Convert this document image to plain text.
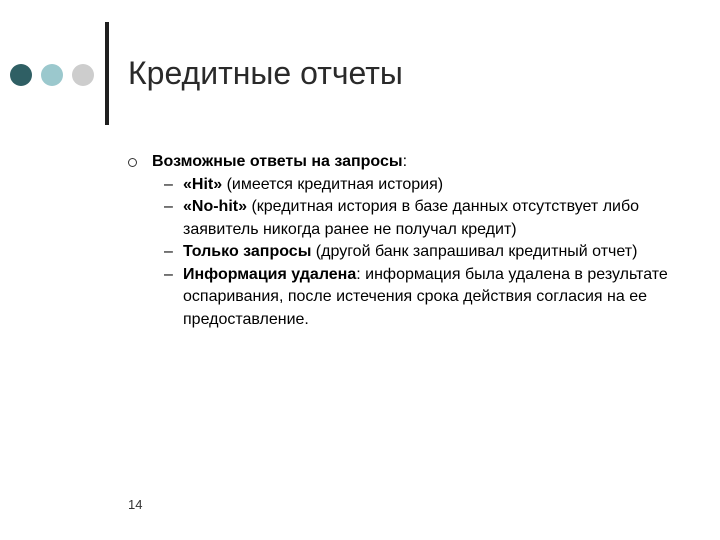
Кредитные отчеты
Возможные ответы на запросы:
– «Hit» (имеется кредитная история)
– «No-hit» (кредитная история в базе данных отсутствует либо заявитель никогда ранее не получал кредит)
– Только запросы (другой банк запрашивал кредитный отчет)
– Информация удалена: информация была удалена в результате оспаривания, после истечения срока действия согласия на ее предоставление.
14
